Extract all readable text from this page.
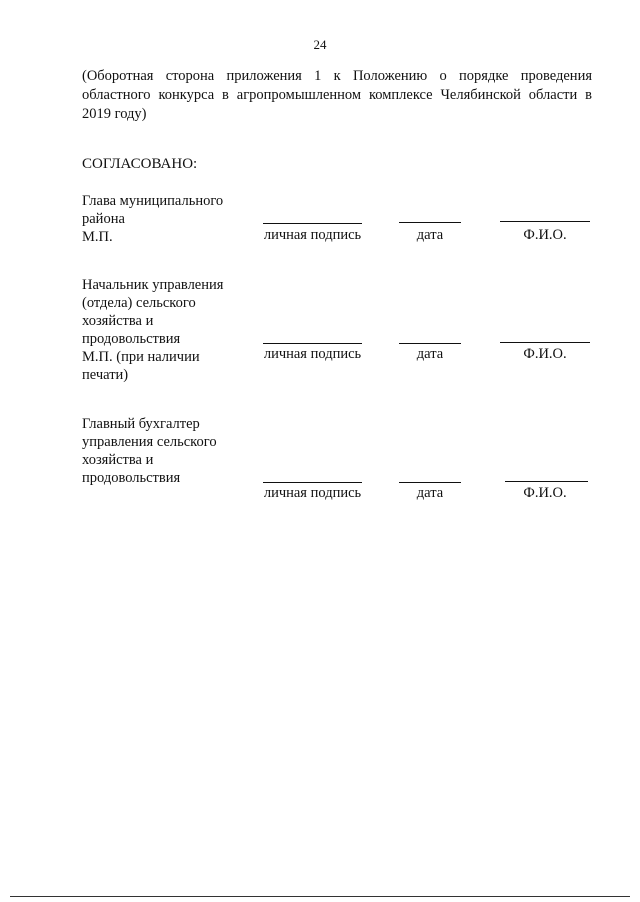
24
(Оборотная сторона приложения 1 к Положению о порядке проведения областного конкурса в агропромышленном комплексе Челябинской области в 2019 году)
СОГЛАСОВАНО:
Глава муниципального
района
М.П.	личная подпись	дата	Ф.И.О.
Начальник управления
(отдела) сельского
хозяйства и
продовольствия
М.П. (при наличии
печати)
личная подпись	дата	Ф.И.О.
Главный бухгалтер
управления сельского
хозяйства и
продовольствия
личная подпись	дата	Ф.И.О.
